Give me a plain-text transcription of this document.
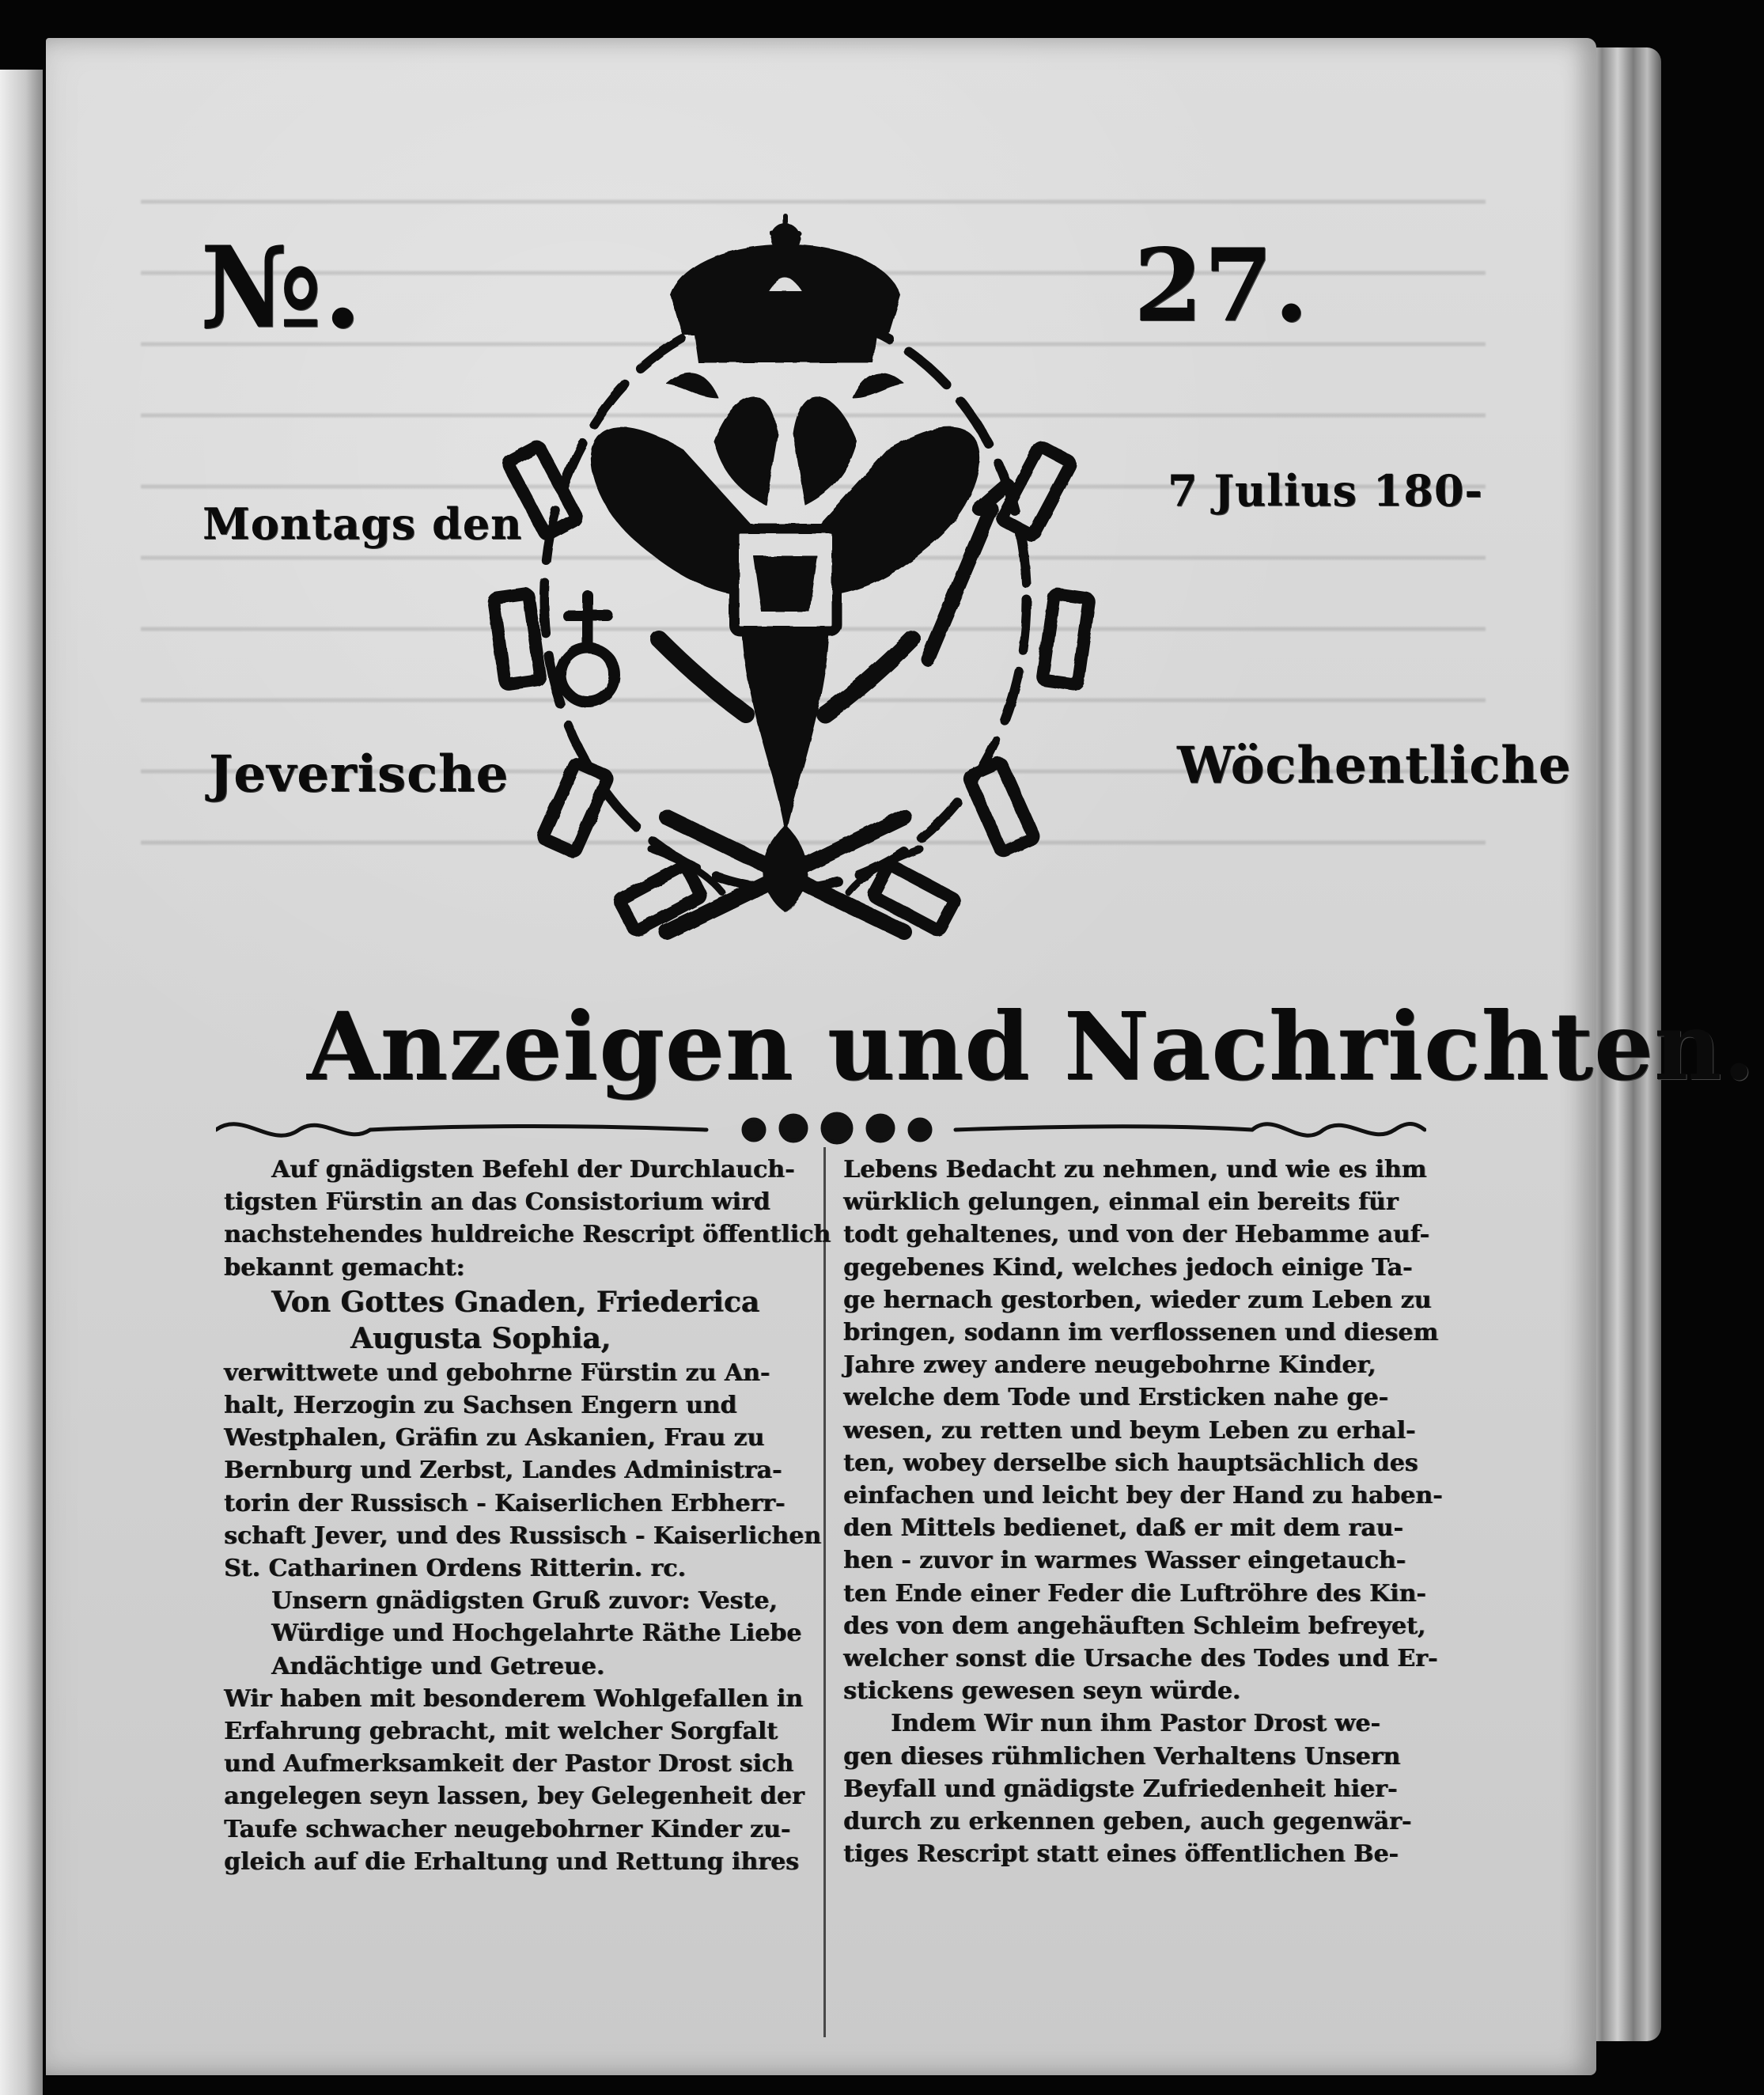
№.	27.
Montags den
7 Julius 180-
Jeverische	Wöchentliche
Anzeigen und Nachrichten.

Auf gnädigsten Befehl der Durchlauch-

tigsten Fürstin an das Consistorium wird

nachstehendes huldreiche Rescript öffentlich

bekannt gemacht:

Von Gottes Gnaden, Friederica

Augusta Sophia,

verwittwete und gebohrne Fürstin zu An-

halt, Herzogin zu Sachsen Engern und

Westphalen, Gräfin zu Askanien, Frau zu

Bernburg und Zerbst, Landes Administra-

torin der Russisch - Kaiserlichen Erbherr-

schaft Jever, und des Russisch - Kaiserlichen

St. Catharinen Ordens Ritterin. rc.

Unsern gnädigsten Gruß zuvor: Veste,

Würdige und Hochgelahrte Räthe Liebe

Andächtige und Getreue.

Wir haben mit besonderem Wohlgefallen in

Erfahrung gebracht, mit welcher Sorgfalt

und Aufmerksamkeit der Pastor Drost sich

angelegen seyn lassen, bey Gelegenheit der

Taufe schwacher neugebohrner Kinder zu-

gleich auf die Erhaltung und Rettung ihres

Lebens Bedacht zu nehmen, und wie es ihm

würklich gelungen, einmal ein bereits für

todt gehaltenes, und von der Hebamme auf-

gegebenes Kind, welches jedoch einige Ta-

ge hernach gestorben, wieder zum Leben zu

bringen, sodann im verflossenen und diesem

Jahre zwey andere neugebohrne Kinder,

welche dem Tode und Ersticken nahe ge-

wesen, zu retten und beym Leben zu erhal-

ten, wobey derselbe sich hauptsächlich des

einfachen und leicht bey der Hand zu haben-

den Mittels bedienet, daß er mit dem rau-

hen - zuvor in warmes Wasser eingetauch-

ten Ende einer Feder die Luftröhre des Kin-

des von dem angehäuften Schleim befreyet,

welcher sonst die Ursache des Todes und Er-

stickens gewesen seyn würde.

Indem Wir nun ihm Pastor Drost we-

gen dieses rühmlichen Verhaltens Unsern

Beyfall und gnädigste Zufriedenheit hier-

durch zu erkennen geben, auch gegenwär-

tiges Rescript statt eines öffentlichen Be-
